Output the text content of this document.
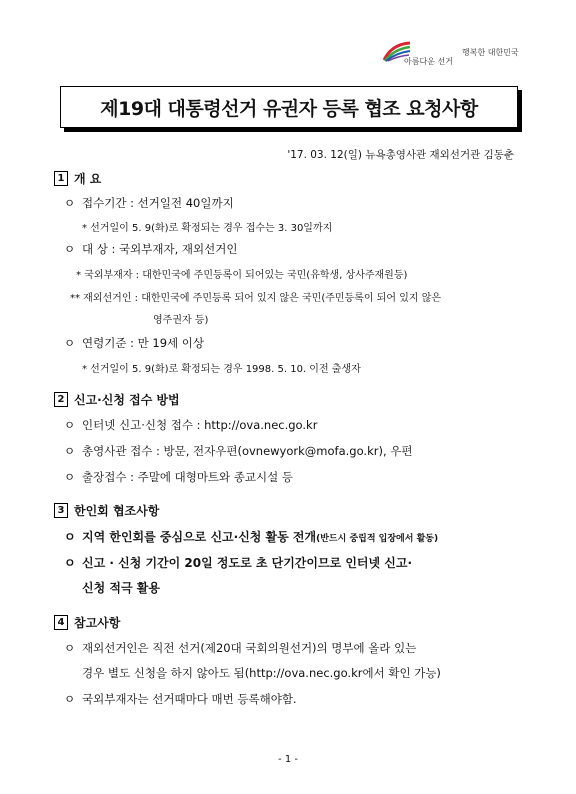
행복한 대한민국
아름다운 선거
제19대 대통령선거 유권자 등록 협조 요청사항
'17. 03. 12(일) 뉴욕총영사관 재외선거관 김동춘
1 개 요
ㅇ 접수기간 : 선거일전 40일까지
* 선거일이 5. 9(화)로 확정되는 경우 접수는 3. 30일까지
ㅇ 대 상 : 국외부재자, 재외선거인
* 국외부재자 : 대한민국에 주민등록이 되어있는 국민(유학생, 상사주재원등)
** 재외선거인 : 대한민국에 주민등록 되어 있지 않은 국민(주민등록이 되어 있지 않은
영주권자 등)
ㅇ 연령기준 : 만 19세 이상
* 선거일이 5. 9(화)로 확정되는 경우 1998. 5. 10. 이전 출생자
2 신고·신청 접수 방법
ㅇ 인터넷 신고·신청 접수 : http://ova.nec.go.kr
ㅇ 총영사관 접수 : 방문, 전자우편(ovnewyork@mofa.go.kr), 우편
ㅇ 출장접수 : 주말에 대형마트와 종교시설 등
3 한인회 협조사항
ㅇ 지역 한인회를 중심으로 신고·신청 활동 전개(반드시 중립적 입장에서 활동)
ㅇ 신고 · 신청 기간이 20일 정도로 초 단기간이므로 인터넷 신고·
신청 적극 활용
4 참고사항
ㅇ 재외선거인은 직전 선거(제20대 국회의원선거)의 명부에 올라 있는
경우 별도 신청을 하지 않아도 됨(http://ova.nec.go.kr에서 확인 가능)
ㅇ 국외부재자는 선거때마다 매번 등록해야함.
- 1 -
